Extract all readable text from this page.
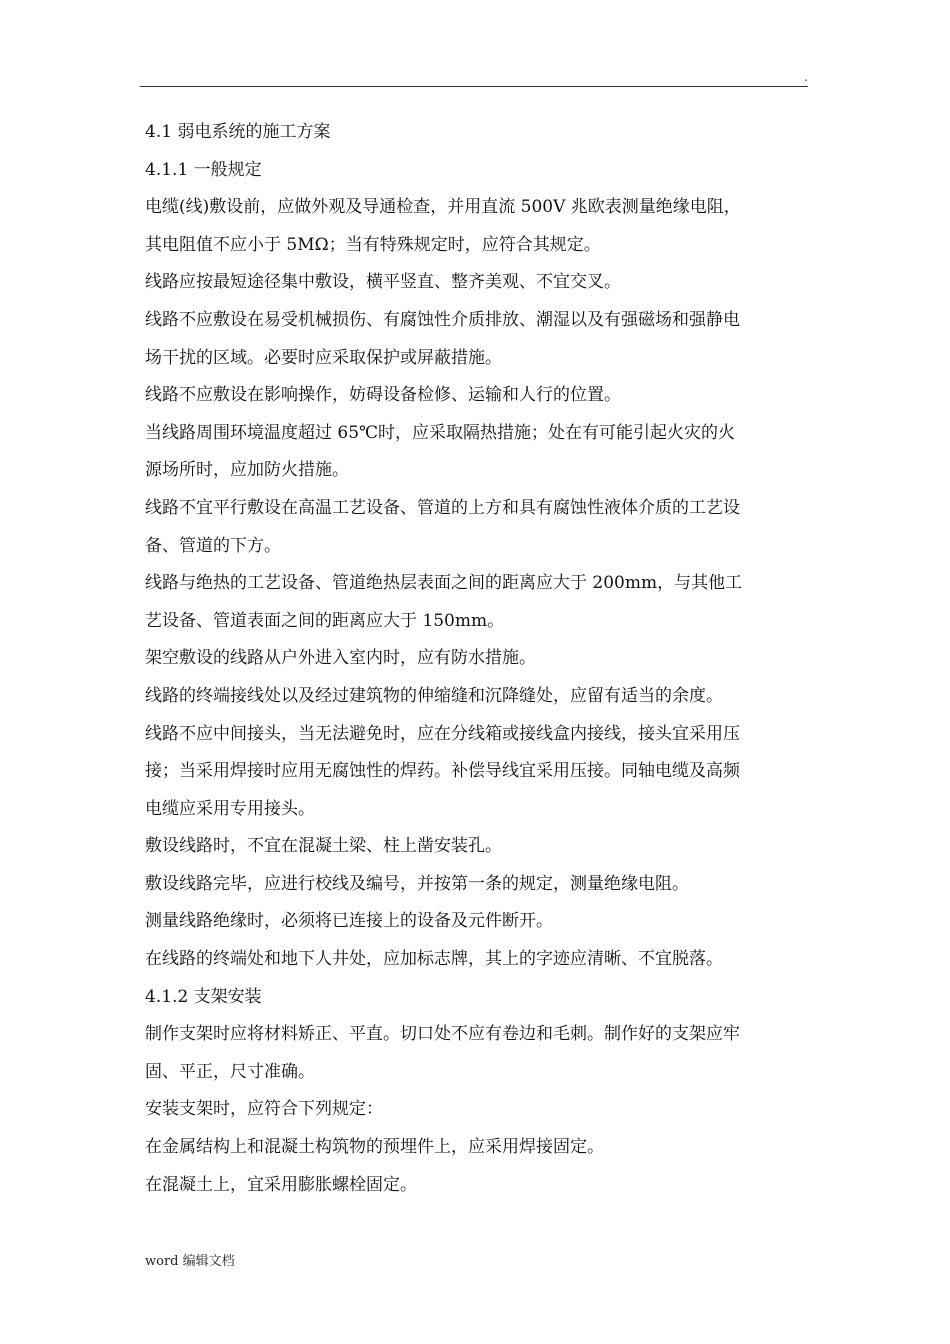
.

4.1 弱电系统的施工方案

4.1.1 一般规定

电缆(线)敷设前，应做外观及导通检查，并用直流 500V 兆欧表测量绝缘电阻，

其电阻值不应小于 5MΩ；当有特殊规定时，应符合其规定。

线路应按最短途径集中敷设，横平竖直、整齐美观、不宜交叉。

线路不应敷设在易受机械损伤、有腐蚀性介质排放、潮湿以及有强磁场和强静电

场干扰的区域。必要时应采取保护或屏蔽措施。

线路不应敷设在影响操作，妨碍设备检修、运输和人行的位置。

当线路周围环境温度超过 65℃时，应采取隔热措施；处在有可能引起火灾的火

源场所时，应加防火措施。

线路不宜平行敷设在高温工艺设备、管道的上方和具有腐蚀性液体介质的工艺设

备、管道的下方。

线路与绝热的工艺设备、管道绝热层表面之间的距离应大于 200mm，与其他工

艺设备、管道表面之间的距离应大于 150mm。

架空敷设的线路从户外进入室内时，应有防水措施。

线路的终端接线处以及经过建筑物的伸缩缝和沉降缝处，应留有适当的余度。

线路不应中间接头，当无法避免时，应在分线箱或接线盒内接线，接头宜采用压

接；当采用焊接时应用无腐蚀性的焊药。补偿导线宜采用压接。同轴电缆及高频

电缆应采用专用接头。

敷设线路时，不宜在混凝土梁、柱上凿安装孔。

敷设线路完毕，应进行校线及编号，并按第一条的规定，测量绝缘电阻。

测量线路绝缘时，必须将已连接上的设备及元件断开。

在线路的终端处和地下人井处，应加标志牌，其上的字迹应清晰、不宜脱落。

4.1.2 支架安装

制作支架时应将材料矫正、平直。切口处不应有卷边和毛刺。制作好的支架应牢

固、平正，尺寸准确。

安装支架时，应符合下列规定：

在金属结构上和混凝土构筑物的预埋件上，应采用焊接固定。

在混凝土上，宜采用膨胀螺栓固定。

word 编辑文档
